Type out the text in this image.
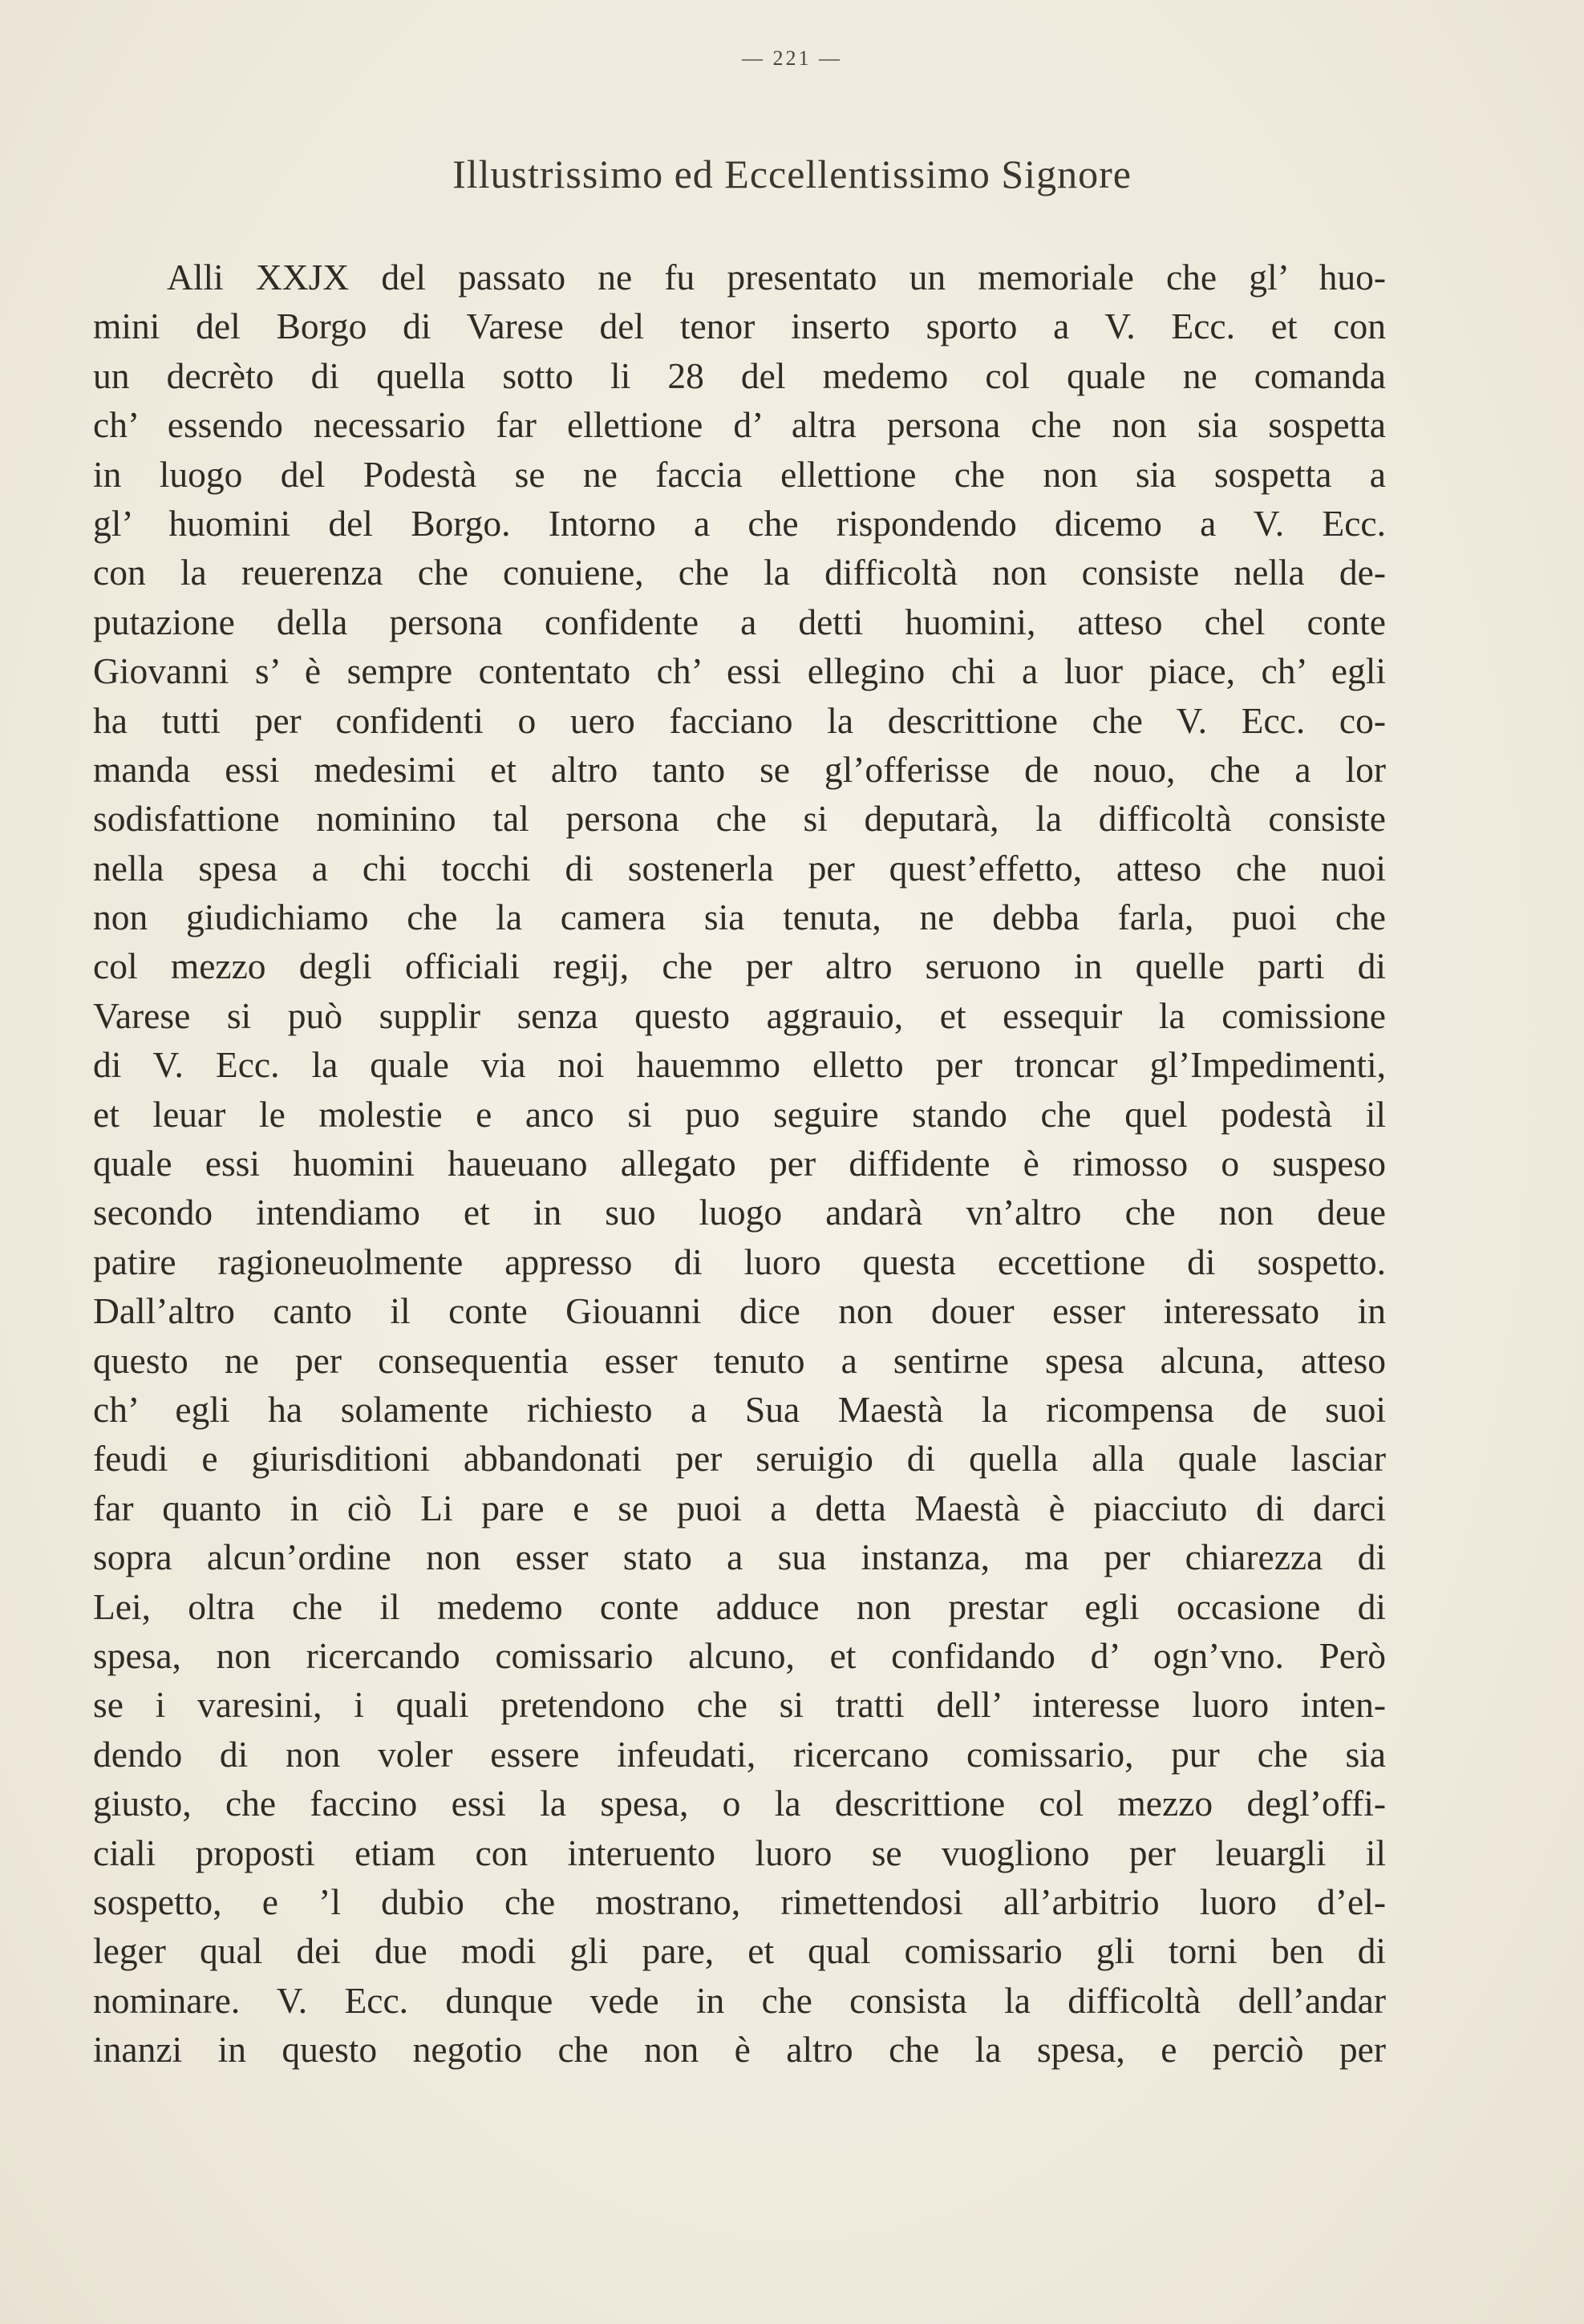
— 221 —
Illustrissimo ed Eccellentissimo Signore
Alli XXJX del passato ne fu presentato un memoriale che gl’ huo-
mini del Borgo di Varese del tenor inserto sporto a V. Ecc. et con
un decrèto di quella sotto li 28 del medemo col quale ne comanda
ch’ essendo necessario far ellettione d’ altra persona che non sia sospetta
in luogo del Podestà se ne faccia ellettione che non sia sospetta a
gl’ huomini del Borgo. Intorno a che rispondendo dicemo a V. Ecc.
con la reuerenza che conuiene, che la difficoltà non consiste nella de-
putazione della persona confidente a detti huomini, atteso chel conte
Giovanni s’ è sempre contentato ch’ essi ellegino chi a luor piace, ch’ egli
ha tutti per confidenti o uero facciano la descrittione che V. Ecc. co-
manda essi medesimi et altro tanto se gl’offerisse de nouo, che a lor
sodisfattione nominino tal persona che si deputarà, la difficoltà consiste
nella spesa a chi tocchi di sostenerla per quest’effetto, atteso che nuoi
non giudichiamo che la camera sia tenuta, ne debba farla, puoi che
col mezzo degli officiali regij, che per altro seruono in quelle parti di
Varese si può supplir senza questo aggrauio, et essequir la comissione
di V. Ecc. la quale via noi hauemmo elletto per troncar gl’Impedimenti,
et leuar le molestie e anco si puo seguire stando che quel podestà il
quale essi huomini haueuano allegato per diffidente è rimosso o suspeso
secondo intendiamo et in suo luogo andarà vn’altro che non deue
patire ragioneuolmente appresso di luoro questa eccettione di sospetto.
Dall’altro canto il conte Giouanni dice non douer esser interessato in
questo ne per consequentia esser tenuto a sentirne spesa alcuna, atteso
ch’ egli ha solamente richiesto a Sua Maestà la ricompensa de suoi
feudi e giurisditioni abbandonati per seruigio di quella alla quale lasciar
far quanto in ciò Li pare e se puoi a detta Maestà è piacciuto di darci
sopra alcun’ordine non esser stato a sua instanza, ma per chiarezza di
Lei, oltra che il medemo conte adduce non prestar egli occasione di
spesa, non ricercando comissario alcuno, et confidando d’ ogn’vno. Però
se i varesini, i quali pretendono che si tratti dell’ interesse luoro inten-
dendo di non voler essere infeudati, ricercano comissario, pur che sia
giusto, che faccino essi la spesa, o la descrittione col mezzo degl’offi-
ciali proposti etiam con interuento luoro se vuogliono per leuargli il
sospetto, e ’l dubio che mostrano, rimettendosi all’arbitrio luoro d’el-
leger qual dei due modi gli pare, et qual comissario gli torni ben di
nominare. V. Ecc. dunque vede in che consista la difficoltà dell’andar
inanzi in questo negotio che non è altro che la spesa, e perciò per
